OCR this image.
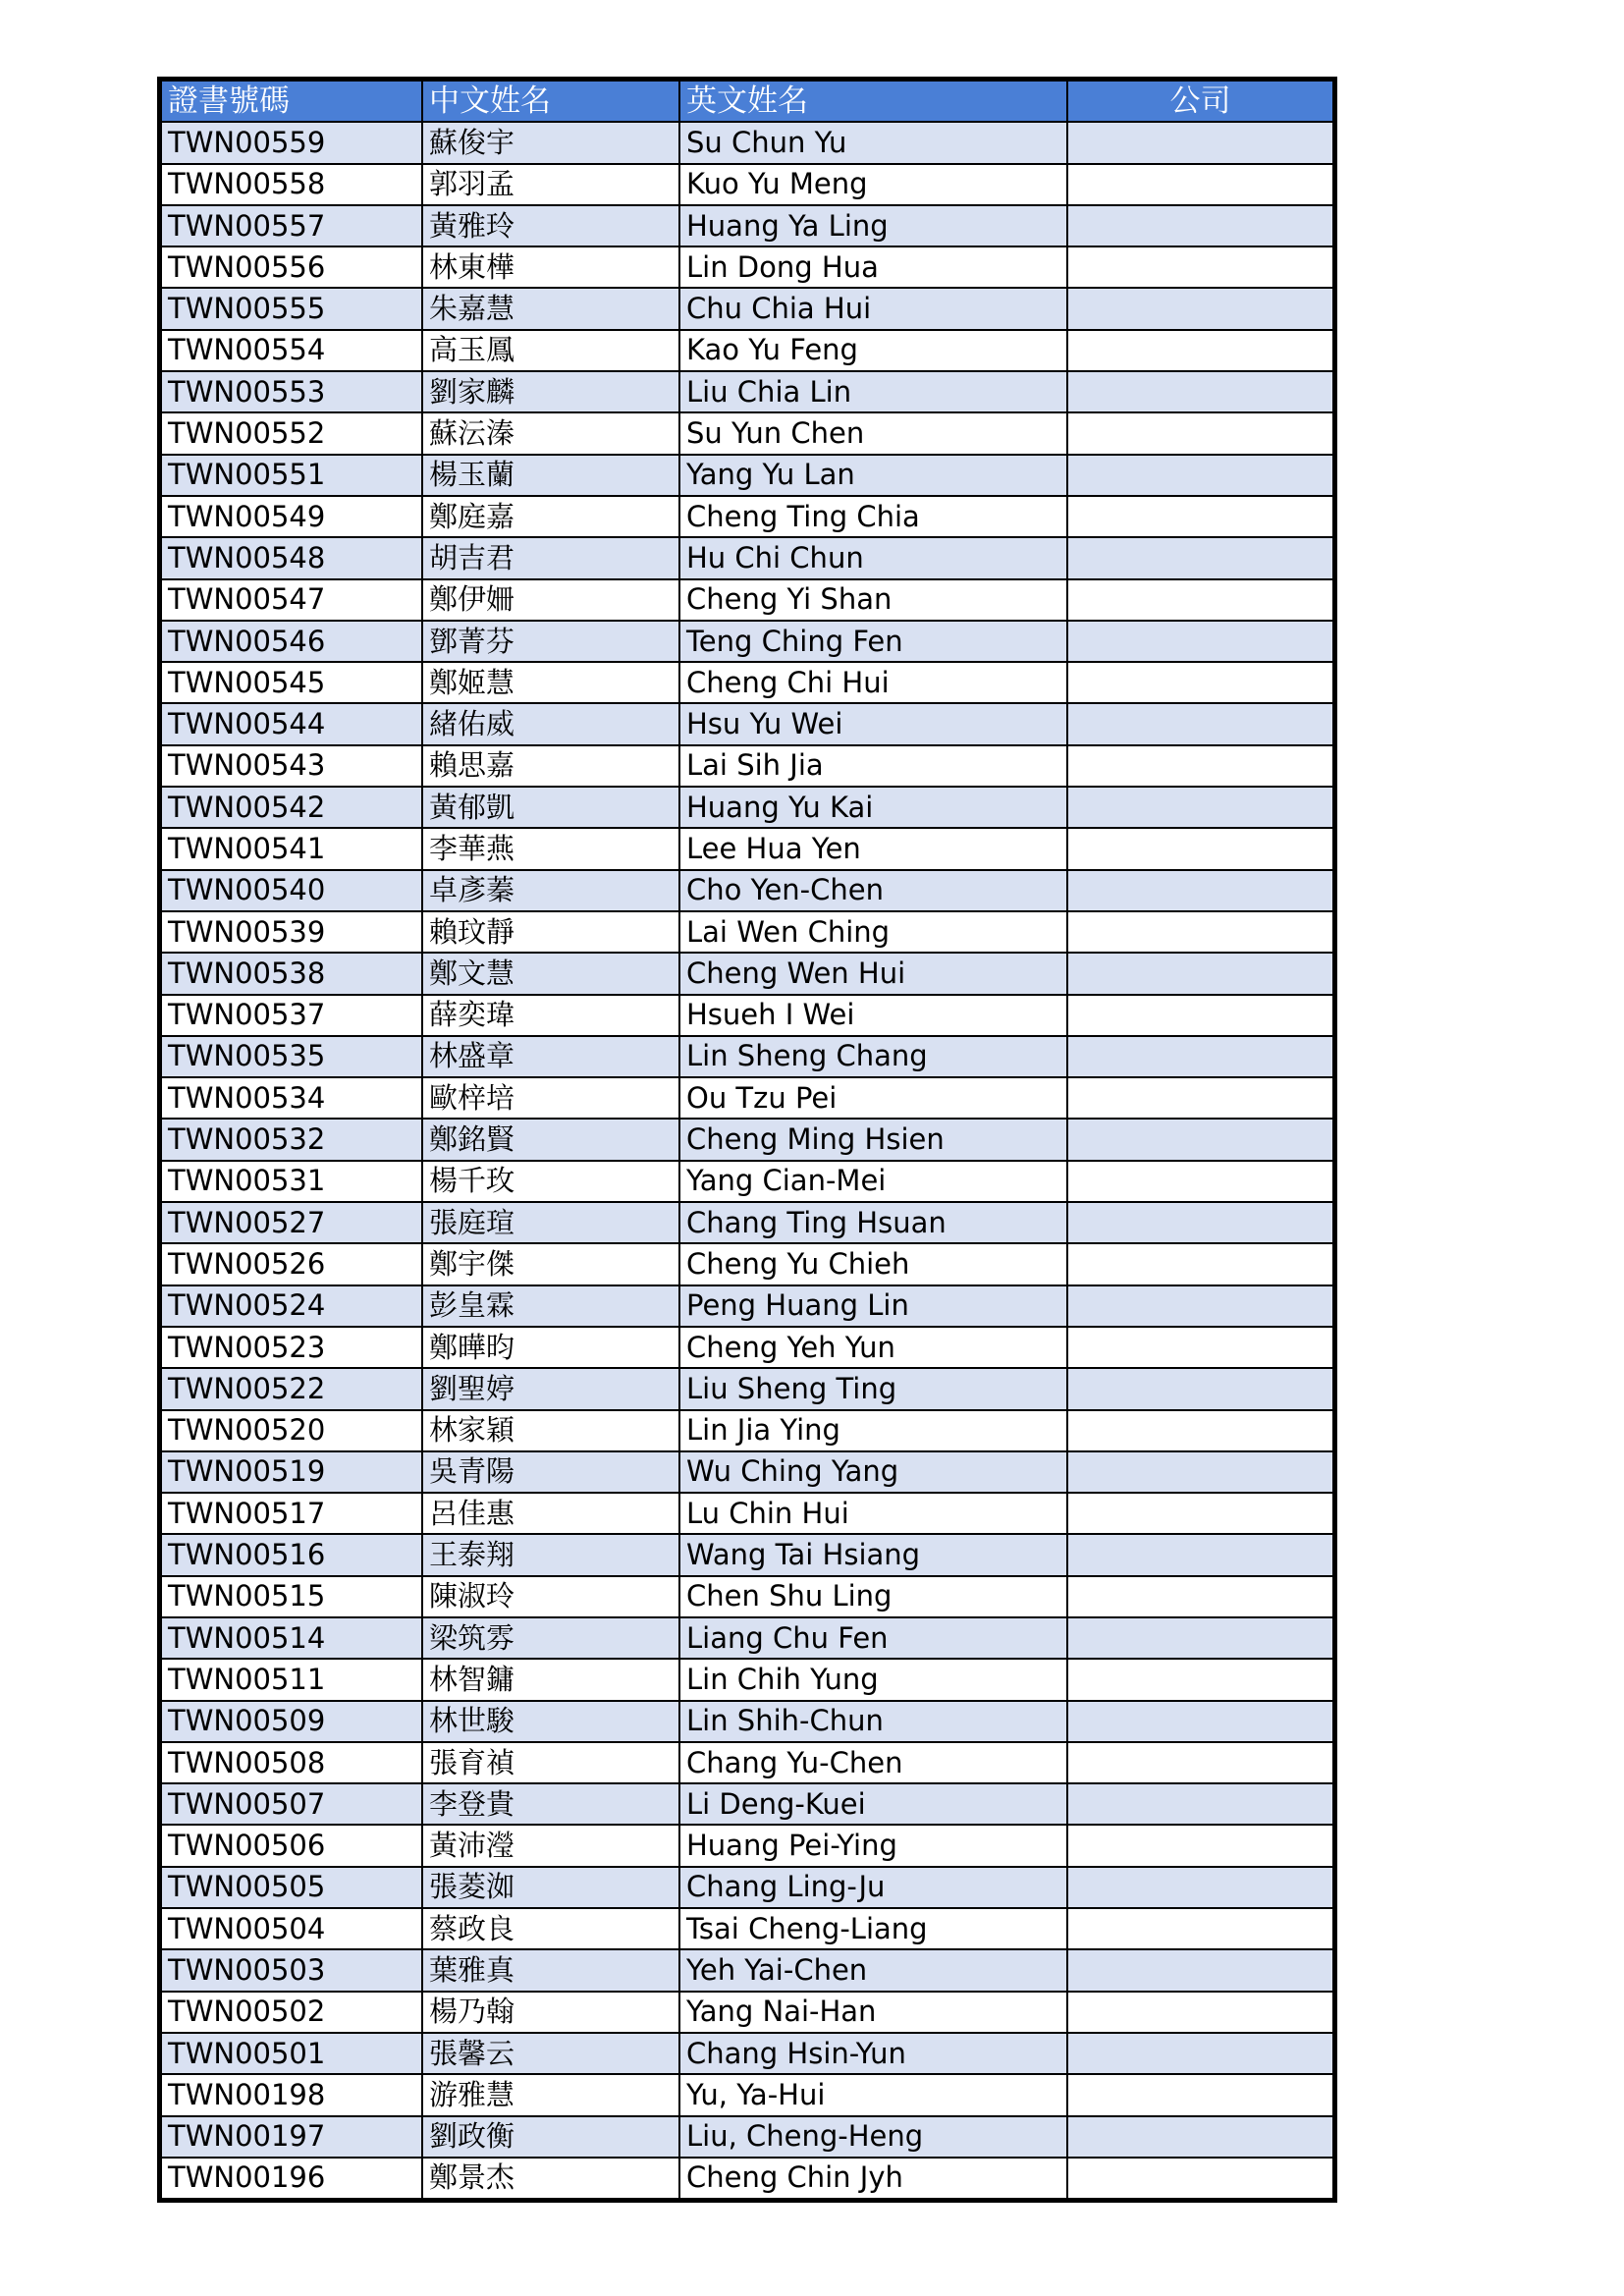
證書號碼	中文姓名	英文姓名	公司
TWN00559	蘇俊宇	Su Chun Yu	
TWN00558	郭羽孟	Kuo Yu Meng	
TWN00557	黃雅玲	Huang Ya Ling	
TWN00556	林東樺	Lin Dong Hua	
TWN00555	朱嘉慧	Chu Chia Hui	
TWN00554	高玉鳳	Kao Yu Feng	
TWN00553	劉家麟	Liu Chia Lin	
TWN00552	蘇沄溱	Su Yun Chen	
TWN00551	楊玉蘭	Yang Yu Lan	
TWN00549	鄭庭嘉	Cheng Ting Chia	
TWN00548	胡吉君	Hu Chi Chun	
TWN00547	鄭伊姍	Cheng Yi Shan	
TWN00546	鄧菁芬	Teng Ching Fen	
TWN00545	鄭姬慧	Cheng Chi Hui	
TWN00544	緒佑威	Hsu Yu Wei	
TWN00543	賴思嘉	Lai Sih Jia	
TWN00542	黃郁凱	Huang Yu Kai	
TWN00541	李華燕	Lee Hua Yen	
TWN00540	卓彥蓁	Cho Yen-Chen	
TWN00539	賴玟靜	Lai Wen Ching	
TWN00538	鄭文慧	Cheng Wen Hui	
TWN00537	薛奕瑋	Hsueh I Wei	
TWN00535	林盛章	Lin Sheng Chang	
TWN00534	歐梓培	Ou Tzu Pei	
TWN00532	鄭銘賢	Cheng Ming Hsien	
TWN00531	楊千玫	Yang Cian-Mei	
TWN00527	張庭瑄	Chang Ting Hsuan	
TWN00526	鄭宇傑	Cheng Yu Chieh	
TWN00524	彭皇霖	Peng Huang Lin	
TWN00523	鄭曄昀	Cheng Yeh Yun	
TWN00522	劉聖婷	Liu Sheng Ting	
TWN00520	林家穎	Lin Jia Ying	
TWN00519	吳青陽	Wu Ching Yang	
TWN00517	呂佳惠	Lu Chin Hui	
TWN00516	王泰翔	Wang Tai Hsiang	
TWN00515	陳淑玲	Chen Shu Ling	
TWN00514	梁筑雰	Liang Chu Fen	
TWN00511	林智鏞	Lin Chih Yung	
TWN00509	林世駿	Lin Shih-Chun	
TWN00508	張育禎	Chang Yu-Chen	
TWN00507	李登貴	Li Deng-Kuei	
TWN00506	黃沛瀅	Huang Pei-Ying	
TWN00505	張菱洳	Chang Ling-Ju	
TWN00504	蔡政良	Tsai Cheng-Liang	
TWN00503	葉雅真	Yeh Yai-Chen	
TWN00502	楊乃翰	Yang Nai-Han	
TWN00501	張馨云	Chang Hsin-Yun	
TWN00198	游雅慧	Yu, Ya-Hui	
TWN00197	劉政衡	Liu, Cheng-Heng	
TWN00196	鄭景杰	Cheng Chin Jyh	
